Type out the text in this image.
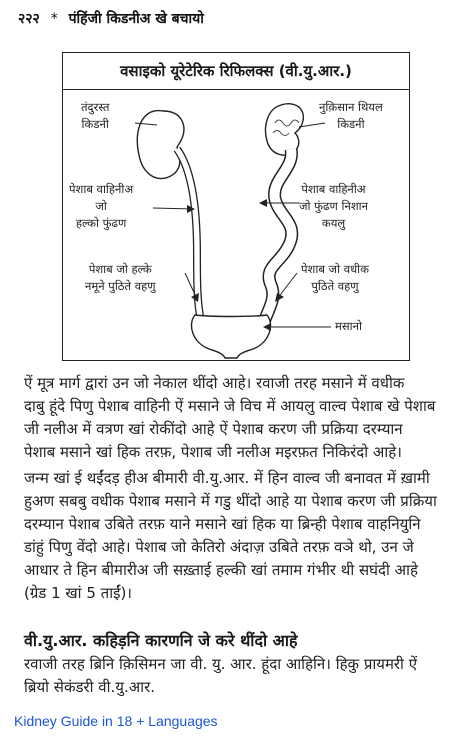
२२२ * पंहिंजी किडनीअ खे बचायो
वसाइको यूरेटेरिक रिफिलक्स (वी.यु.आर.)
तंदुरस्त
किडनी
नुक़िसान थियल
किडनी
पेशाब वाहिनीअ
जो
हल्को फुंढण
पेशाब वाहिनीअ
जो फुंढण निशान
कयलु
पेशाब जो हल्के
नमूने पुठिते वहणु
पेशाब जो वधीक
पुठिते वहणु
मसानो
ऐं मूत्र मार्ग द्वारां उन जो नेकाल थींदो आहे। रवाजी तरह मसाने में वधीक
दाबु हूंदे पिणु पेशाब वाहिनी ऐं मसाने जे विच में आयलु वाल्व पेशाब खे पेशाब
जी नलीअ में वत्रण खां रोकींदो आहे ऐं पेशाब करण जी प्रक्रिया दरम्यान
पेशाब मसाने खां हिक तरफ़, पेशाब जी नलीअ मइरफ़त निकिरंदो आहे।
जन्म खां ई थईंदड़ हीअ बीमारी वी.यु.आर. में हिन वाल्व जी बनावत में ख़ामी
हुअण सबबु वधीक पेशाब मसाने में गडु थींदो आहे या पेशाब करण जी प्रक्रिया
दरम्यान पेशाब उबिते तरफ़ याने मसाने खां हिक या ब्रिन्ही पेशाब वाहनियुनि
डांहुं पिणु वेंदो आहे। पेशाब जो केतिरो अंदाज़ उबिते तरफ़ वञे थो, उन जे
आधार ते हिन बीमारीअ जी सख़्ताई हल्की खां तमाम गंभीर थी सघंदी आहे
(ग्रेड 1 खां 5 ताईं)।
वी.यु.आर. कहिड़नि कारणनि जे करे थींदो आहे
रवाजी तरह ब्रिनि क़िसिमन जा वी. यु. आर. हूंदा आहिनि। हिकु प्रायमरी ऐं
ब्रियो सेकंडरी वी.यु.आर.
Kidney Guide in 18 + Languages
